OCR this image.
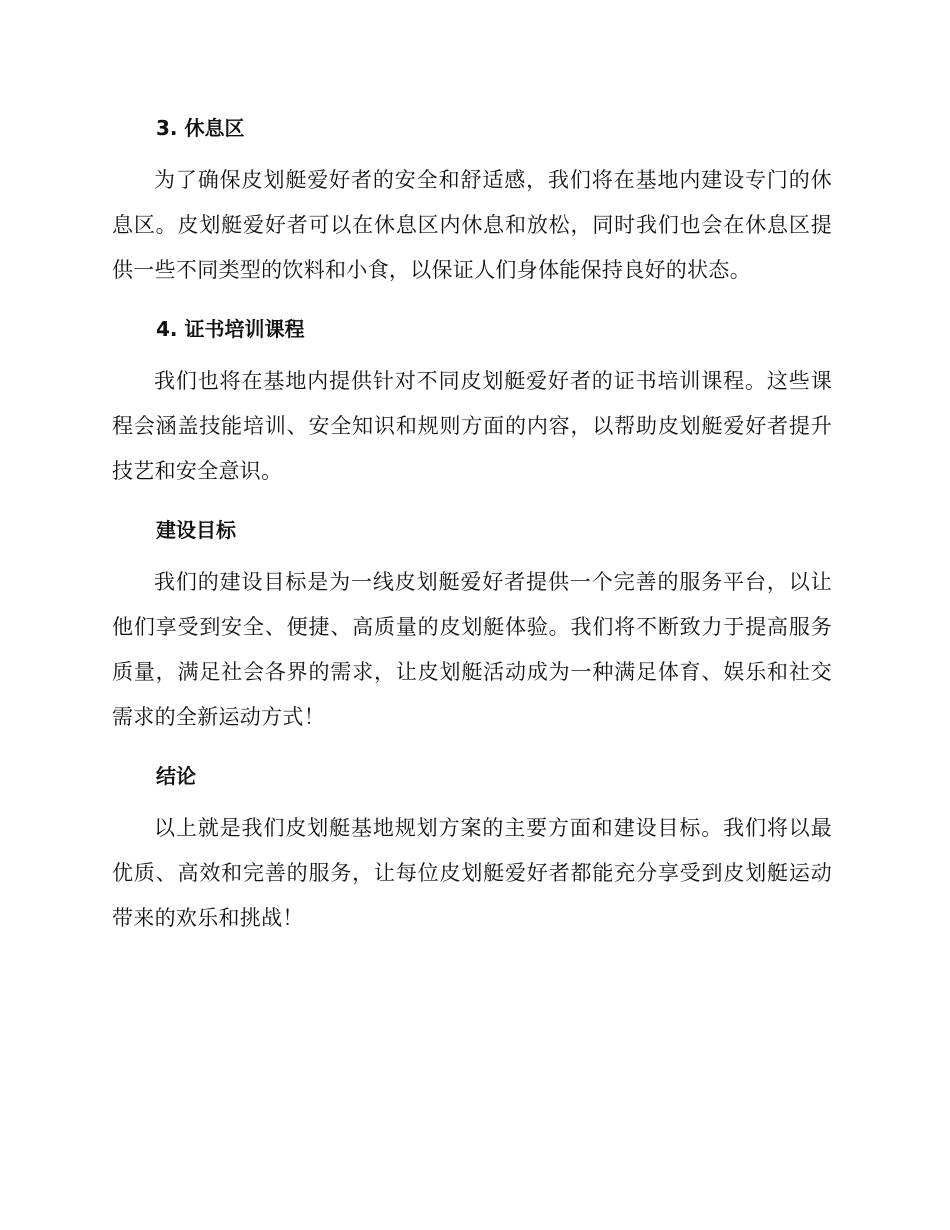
3. 休息区

为了确保皮划艇爱好者的安全和舒适感，我们将在基地内建设专门的休息区。皮划艇爱好者可以在休息区内休息和放松，同时我们也会在休息区提供一些不同类型的饮料和小食，以保证人们身体能保持良好的状态。

4. 证书培训课程

我们也将在基地内提供针对不同皮划艇爱好者的证书培训课程。这些课程会涵盖技能培训、安全知识和规则方面的内容，以帮助皮划艇爱好者提升技艺和安全意识。

建设目标

我们的建设目标是为一线皮划艇爱好者提供一个完善的服务平台，以让他们享受到安全、便捷、高质量的皮划艇体验。我们将不断致力于提高服务质量，满足社会各界的需求，让皮划艇活动成为一种满足体育、娱乐和社交需求的全新运动方式！

结论

以上就是我们皮划艇基地规划方案的主要方面和建设目标。我们将以最优质、高效和完善的服务，让每位皮划艇爱好者都能充分享受到皮划艇运动带来的欢乐和挑战！
